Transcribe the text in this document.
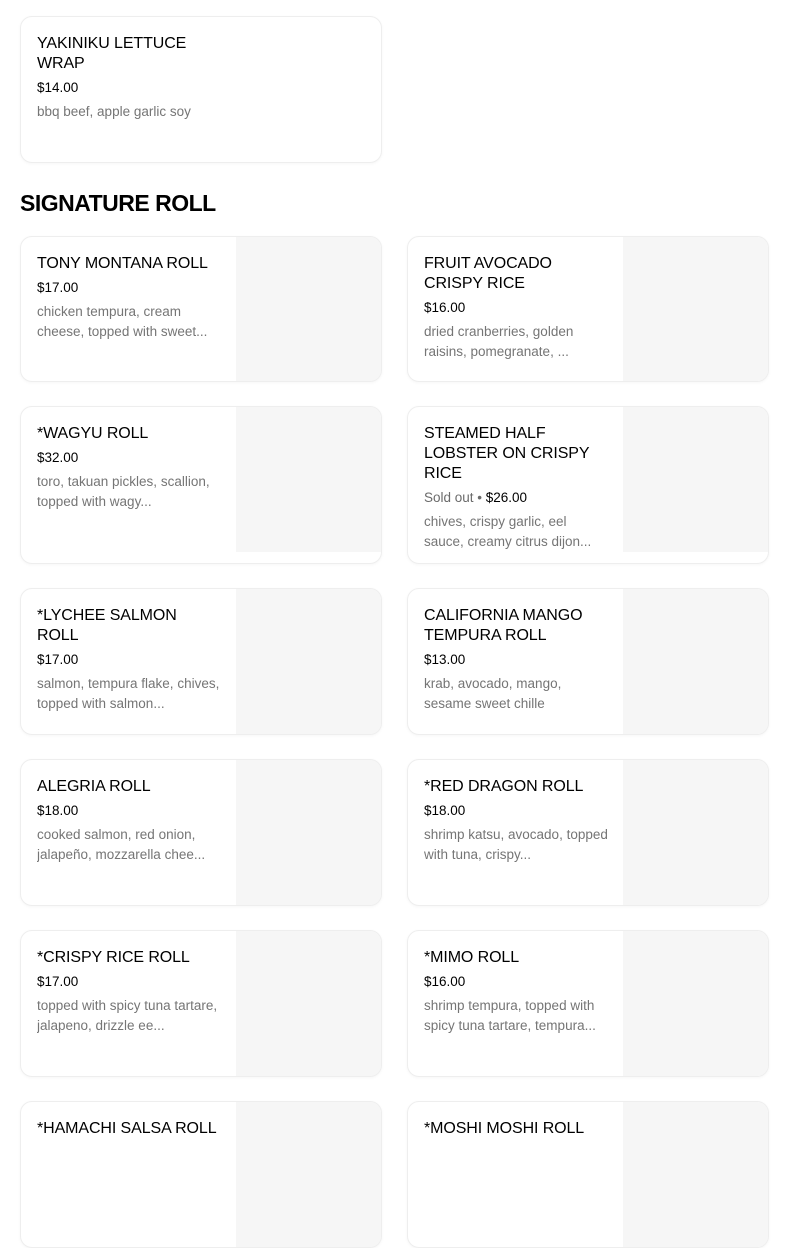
YAKINIKU LETTUCE WRAP
$14.00
bbq beef, apple garlic soy
SIGNATURE ROLL
TONY MONTANA ROLL
$17.00
chicken tempura, cream cheese, topped with sweet...
FRUIT AVOCADO CRISPY RICE
$16.00
dried cranberries, golden raisins, pomegranate, ...
*WAGYU ROLL
$32.00
toro, takuan pickles, scallion, topped with wagy...
STEAMED HALF LOBSTER ON CRISPY RICE
Sold out • $26.00
chives, crispy garlic, eel sauce, creamy citrus dijon...
*LYCHEE SALMON ROLL
$17.00
salmon, tempura flake, chives, topped with salmon...
CALIFORNIA MANGO TEMPURA ROLL
$13.00
krab, avocado, mango, sesame sweet chille
ALEGRIA ROLL
$18.00
cooked salmon, red onion, jalapeño, mozzarella chee...
*RED DRAGON ROLL
$18.00
shrimp katsu, avocado, topped with tuna, crispy...
*CRISPY RICE ROLL
$17.00
topped with spicy tuna tartare, jalapeno, drizzle ee...
*MIMO ROLL
$16.00
shrimp tempura, topped with spicy tuna tartare, tempura...
*HAMACHI SALSA ROLL	*MOSHI MOSHI ROLL
